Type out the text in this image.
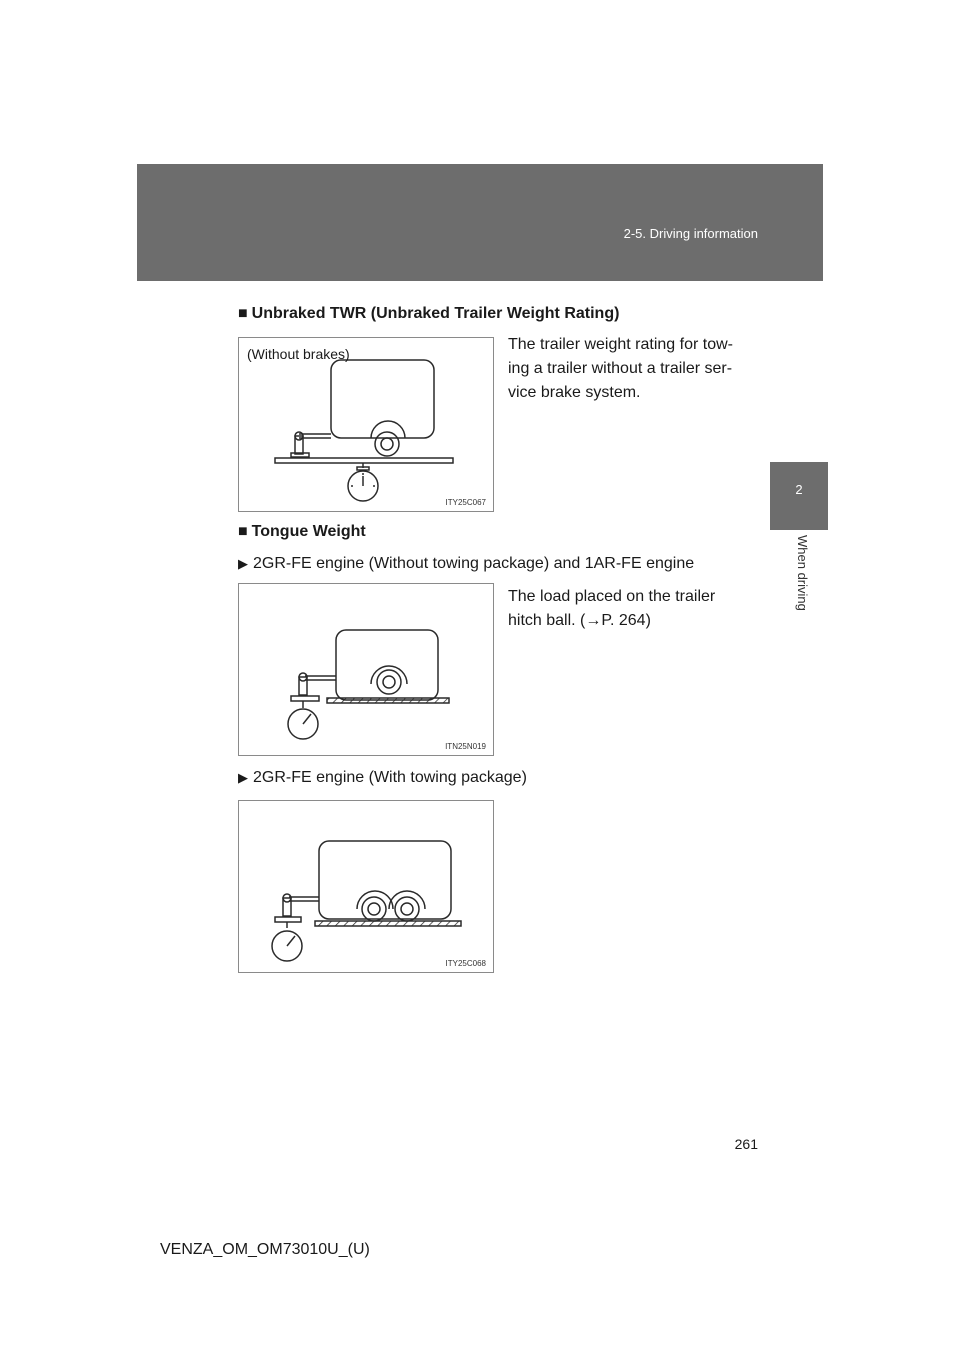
2-5. Driving information
2
When driving
■ Unbraked TWR (Unbraked Trailer Weight Rating)
The trailer weight rating for tow-
ing a trailer without a trailer ser-
vice brake system.
(Without brakes)
ITY25C067
■ Tongue Weight
▶ 2GR-FE engine (Without towing package) and 1AR-FE engine
The load placed on the trailer
hitch ball. (→P. 264)
ITN25N019
▶ 2GR-FE engine (With towing package)
ITY25C068
261
VENZA_OM_OM73010U_(U)
